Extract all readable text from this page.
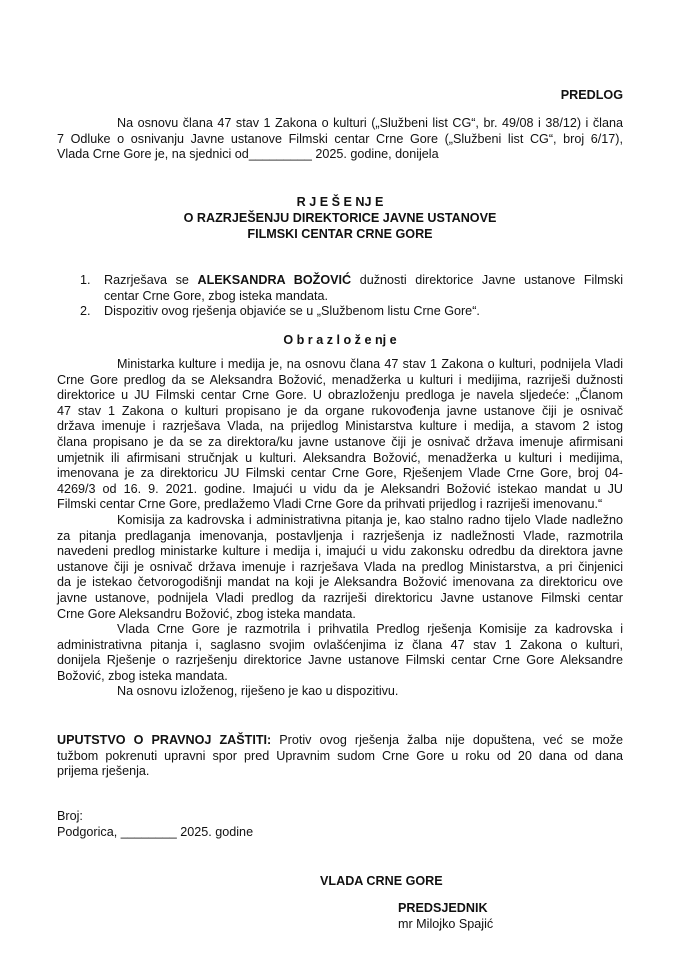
PREDLOG
Na osnovu člana 47 stav 1 Zakona o kulturi („Službeni list CG“, br. 49/08 i 38/12) i člana
7 Odluke o osnivanju Javne ustanove Filmski centar Crne Gore („Službeni list CG“, broj 6/17),
Vlada Crne Gore je, na sjednici od_________ 2025. godine, donijela
R J E Š E NJ E
O RAZRJEŠENJU DIREKTORICE JAVNE USTANOVE
FILMSKI CENTAR CRNE GORE
1. Razrješava se ALEKSANDRA BOŽOVIĆ dužnosti direktorice Javne ustanove Filmski
centar Crne Gore, zbog isteka mandata.
2. Dispozitiv ovog rješenja objaviće se u „Službenom listu Crne Gore“.
O b r a z l o ž e nj e
Ministarka kulture i medija je, na osnovu člana 47 stav 1 Zakona o kulturi, podnijela Vladi
Crne Gore predlog da se Aleksandra Božović, menadžerka u kulturi i medijima, razriješi dužnosti
direktorice u JU Filmski centar Crne Gore. U obrazloženju predloga je navela sljedeće: „Članom
47 stav 1 Zakona o kulturi propisano je da organe rukovođenja javne ustanove čiji je osnivač
država imenuje i razrješava Vlada, na prijedlog Ministarstva kulture i medija, a stavom 2 istog
člana propisano je da se za direktora/ku javne ustanove čiji je osnivač država imenuje afirmisani
umjetnik ili afirmisani stručnjak u kulturi. Aleksandra Božović, menadžerka u kulturi i medijima,
imenovana je za direktoricu JU Filmski centar Crne Gore, Rješenjem Vlade Crne Gore, broj 04-
4269/3 od 16. 9. 2021. godine. Imajući u vidu da je Aleksandri Božović istekao mandat u JU
Filmski centar Crne Gore, predlažemo Vladi Crne Gore da prihvati prijedlog i razriješi imenovanu.“
Komisija za kadrovska i administrativna pitanja je, kao stalno radno tijelo Vlade nadležno
za pitanja predlaganja imenovanja, postavljenja i razrješenja iz nadležnosti Vlade, razmotrila
navedeni predlog ministarke kulture i medija i, imajući u vidu zakonsku odredbu da direktora javne
ustanove čiji je osnivač država imenuje i razrješava Vlada na predlog Ministarstva, a pri činjenici
da je istekao četvorogodišnji mandat na koji je Aleksandra Božović imenovana za direktoricu ove
javne ustanove, podnijela Vladi predlog da razriješi direktoricu Javne ustanove Filmski centar
Crne Gore Aleksandru Božović, zbog isteka mandata.
Vlada Crne Gore je razmotrila i prihvatila Predlog rješenja Komisije za kadrovska i
administrativna pitanja i, saglasno svojim ovlašćenjima iz člana 47 stav 1 Zakona o kulturi,
donijela Rješenje o razrješenju direktorice Javne ustanove Filmski centar Crne Gore Aleksandre
Božović, zbog isteka mandata.
Na osnovu izloženog, riješeno je kao u dispozitivu.
UPUTSTVO O PRAVNOJ ZAŠTITI: Protiv ovog rješenja žalba nije dopuštena, već se može
tužbom pokrenuti upravni spor pred Upravnim sudom Crne Gore u roku od 20 dana od dana
prijema rješenja.
Broj:
Podgorica, ________ 2025. godine
VLADA CRNE GORE
PREDSJEDNIK
mr Milojko Spajić
